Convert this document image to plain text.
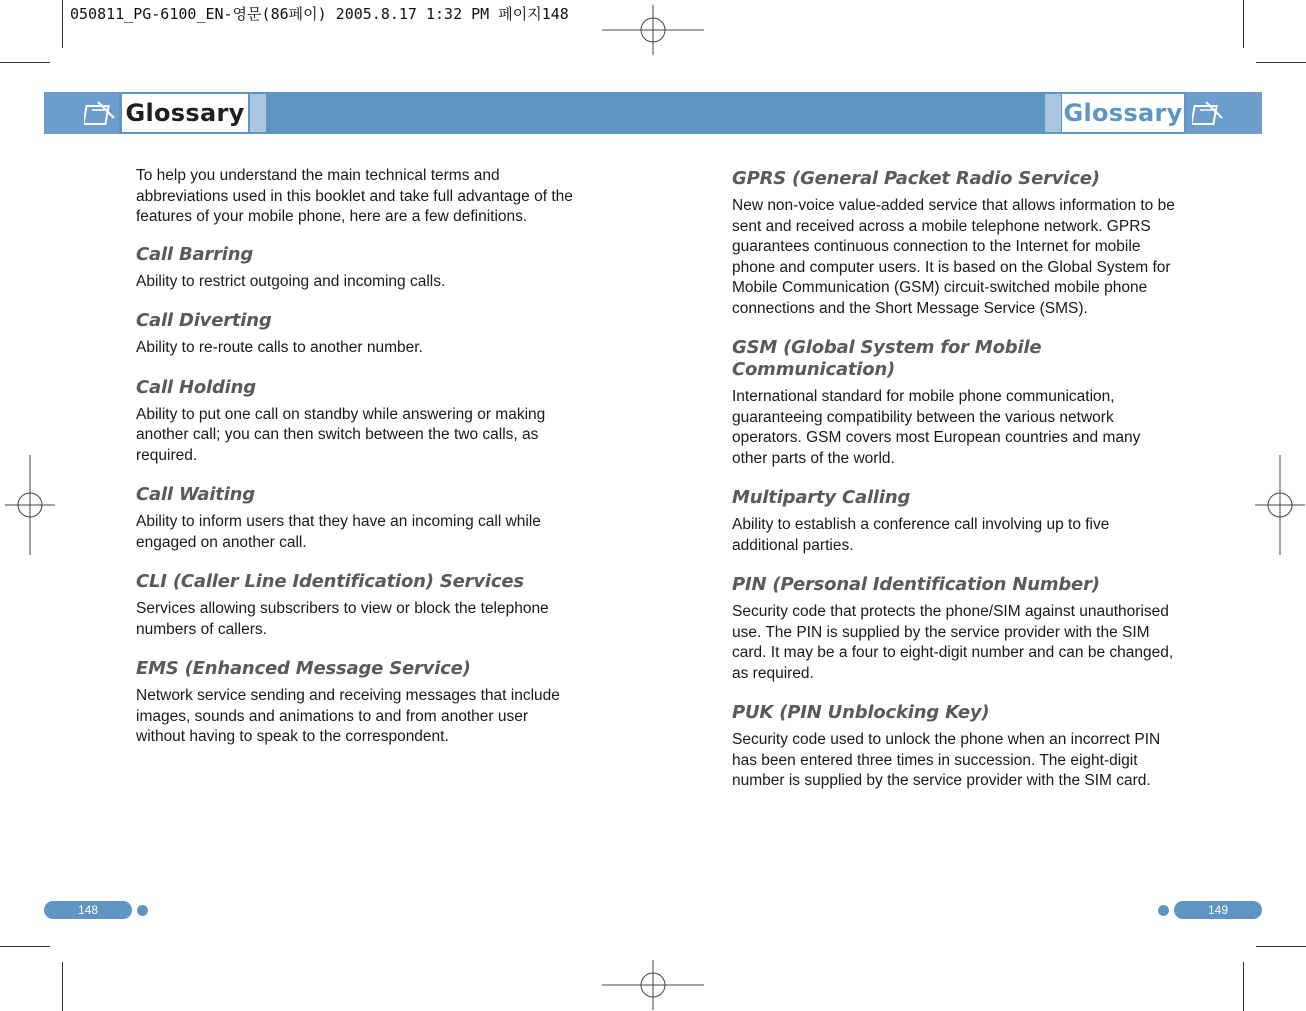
050811_PG-6100_EN-영문(86페이) 2005.8.17 1:32 PM 페이지148
Glossary	Glossary

To help you understand the main technical terms and abbreviations used in this booklet and take full advantage of the features of your mobile phone, here are a few definitions.

Call Barring

Ability to restrict outgoing and incoming calls.

Call Diverting

Ability to re-route calls to another number.

Call Holding

Ability to put one call on standby while answering or making another call; you can then switch between the two calls, as required.

Call Waiting

Ability to inform users that they have an incoming call while engaged on another call.

CLI (Caller Line Identification) Services

Services allowing subscribers to view or block the telephone numbers of callers.

EMS (Enhanced Message Service)

Network service sending and receiving messages that include images, sounds and animations to and from another user without having to speak to the correspondent.

GPRS (General Packet Radio Service)

New non-voice value-added service that allows information to be sent and received across a mobile telephone network. GPRS guarantees continuous connection to the Internet for mobile phone and computer users. It is based on the Global System for Mobile Communication (GSM) circuit-switched mobile phone connections and the Short Message Service (SMS).

GSM (Global System for Mobile Communication)

International standard for mobile phone communication, guaranteeing compatibility between the various network operators. GSM covers most European countries and many other parts of the world.

Multiparty Calling

Ability to establish a conference call involving up to five additional parties.

PIN (Personal Identification Number)

Security code that protects the phone/SIM against unauthorised use. The PIN is supplied by the service provider with the SIM card. It may be a four to eight-digit number and can be changed, as required.

PUK (PIN Unblocking Key)

Security code used to unlock the phone when an incorrect PIN has been entered three times in succession. The eight-digit number is supplied by the service provider with the SIM card.

148	149
